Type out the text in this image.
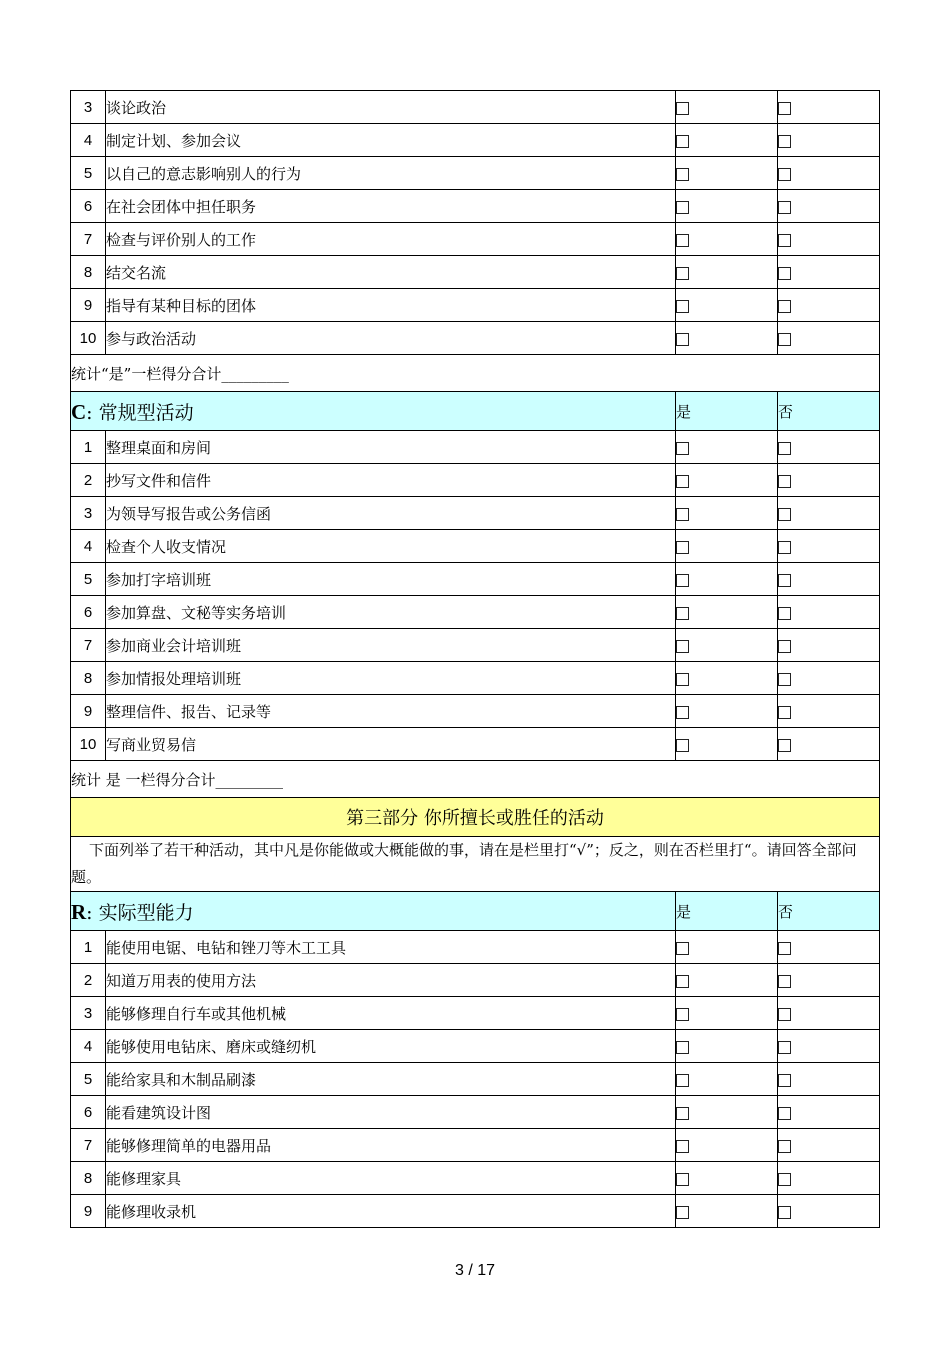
3	谈论政治		
4	制定计划、参加会议		
5	以自己的意志影响别人的行为		
6	在社会团体中担任职务		
7	检查与评价别人的工作		
8	结交名流		
9	指导有某种目标的团体		
10	参与政治活动		
统计“是”一栏得分合计_________			
C: 常规型活动		是	否
1	整理桌面和房间		
2	抄写文件和信件		
3	为领导写报告或公务信函		
4	检查个人收支情况		
5	参加打字培训班		
6	参加算盘、文秘等实务培训		
7	参加商业会计培训班		
8	参加情报处理培训班		
9	整理信件、报告、记录等		
10	写商业贸易信		
统计 是 一栏得分合计_________			
第三部分 你所擅长或胜任的活动			
下面列举了若干种活动，其中凡是你能做或大概能做的事，请在是栏里打“√”；反之，则在否栏里打“。请回答全部问题。			
R: 实际型能力		是	否
1	能使用电锯、电钻和锉刀等木工工具		
2	知道万用表的使用方法		
3	能够修理自行车或其他机械		
4	能够使用电钻床、磨床或缝纫机		
5	能给家具和木制品刷漆		
6	能看建筑设计图		
7	能够修理简单的电器用品		
8	能修理家具		
9	能修理收录机		
3 / 17
